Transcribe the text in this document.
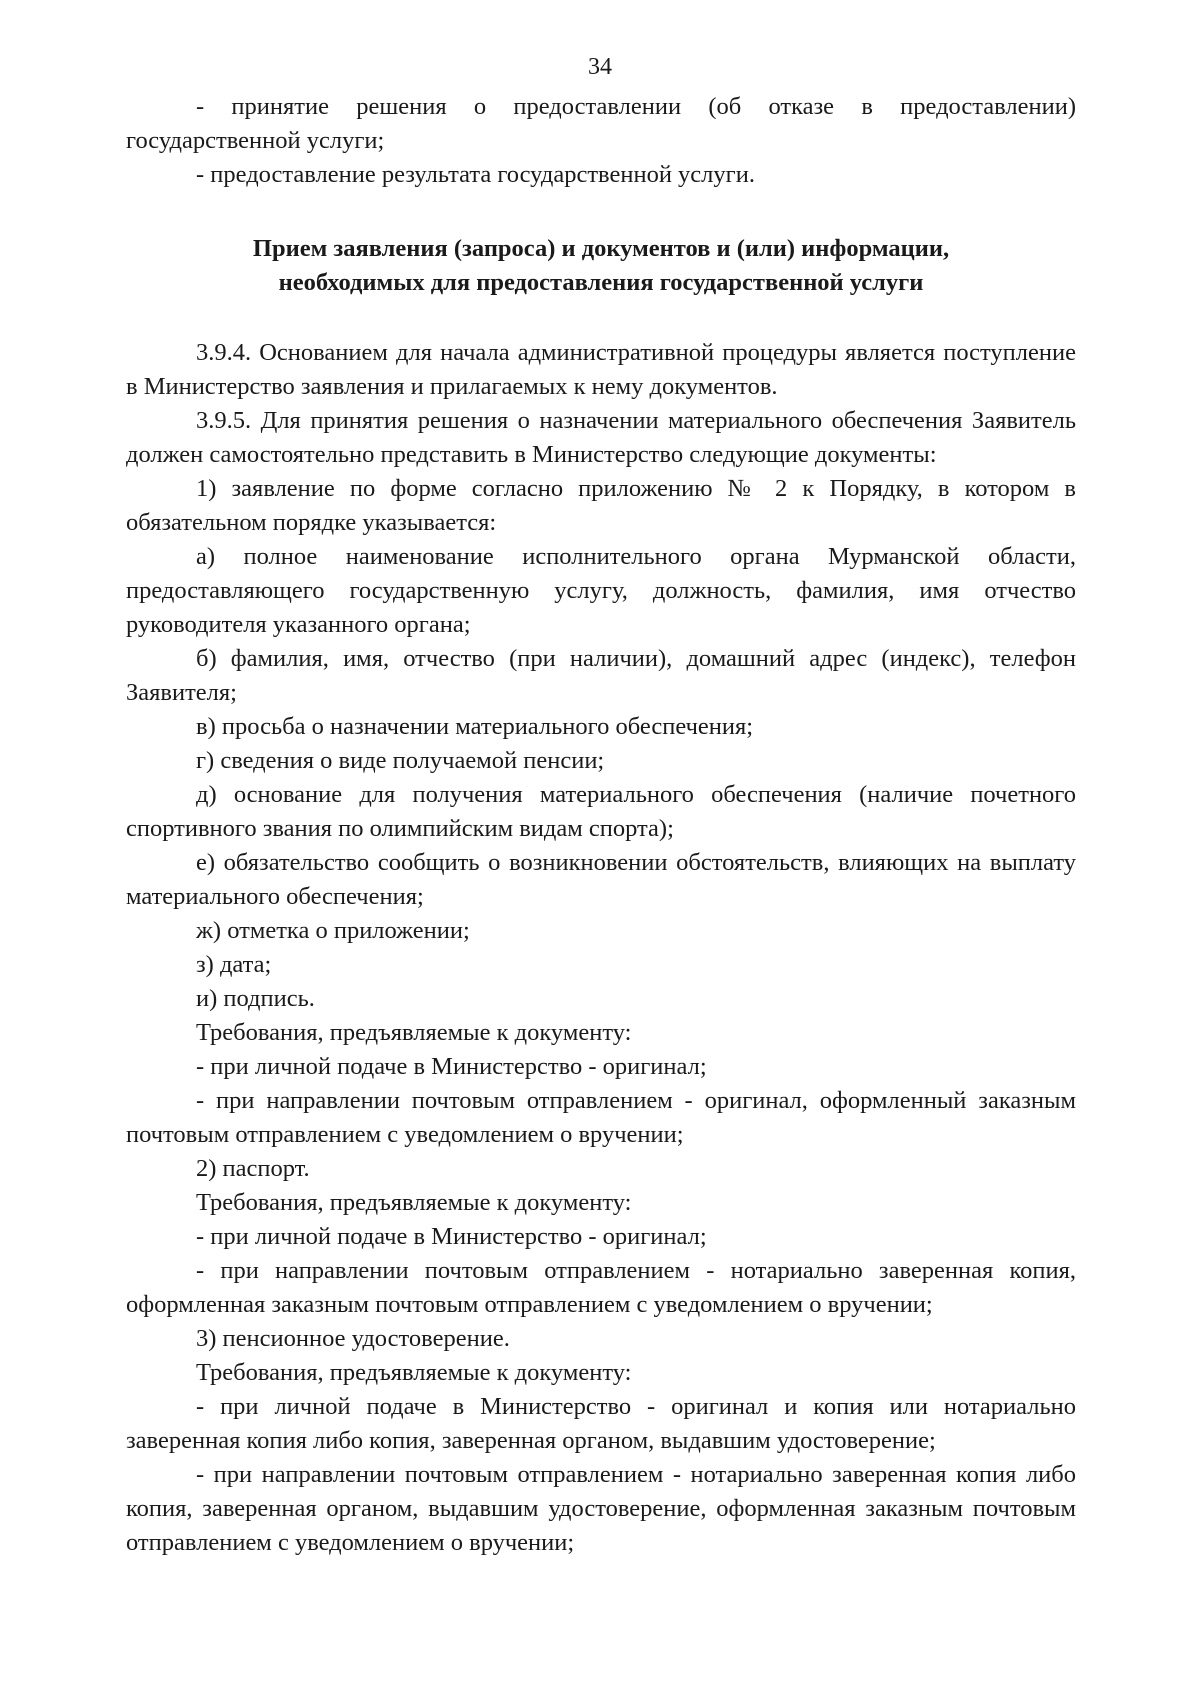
34

- принятие решения о предоставлении (об отказе в предоставлении) государственной услуги;

- предоставление результата государственной услуги.

Прием заявления (запроса) и документов и (или) информации,
необходимых для предоставления государственной услуги

3.9.4. Основанием для начала административной процедуры является поступление в Министерство заявления и прилагаемых к нему документов.

3.9.5. Для принятия решения о назначении материального обеспечения Заявитель должен самостоятельно представить в Министерство следующие документы:

1) заявление по форме согласно приложению № 2 к Порядку, в котором в обязательном порядке указывается:

а) полное наименование исполнительного органа Мурманской области, предоставляющего государственную услугу, должность, фамилия, имя отчество руководителя указанного органа;

б) фамилия, имя, отчество (при наличии), домашний адрес (индекс), телефон Заявителя;

в) просьба о назначении материального обеспечения;

г) сведения о виде получаемой пенсии;

д) основание для получения материального обеспечения (наличие почетного спортивного звания по олимпийским видам спорта);

е) обязательство сообщить о возникновении обстоятельств, влияющих на выплату материального обеспечения;

ж) отметка о приложении;

з) дата;

и) подпись.

Требования, предъявляемые к документу:

- при личной подаче в Министерство - оригинал;

- при направлении почтовым отправлением - оригинал, оформленный заказным почтовым отправлением с уведомлением о вручении;

2) паспорт.

Требования, предъявляемые к документу:

- при личной подаче в Министерство - оригинал;

- при направлении почтовым отправлением - нотариально заверенная копия, оформленная заказным почтовым отправлением с уведомлением о вручении;

3) пенсионное удостоверение.

Требования, предъявляемые к документу:

- при личной подаче в Министерство - оригинал и копия или нотариально заверенная копия либо копия, заверенная органом, выдавшим удостоверение;

- при направлении почтовым отправлением - нотариально заверенная копия либо копия, заверенная органом, выдавшим удостоверение, оформленная заказным почтовым отправлением с уведомлением о вручении;
